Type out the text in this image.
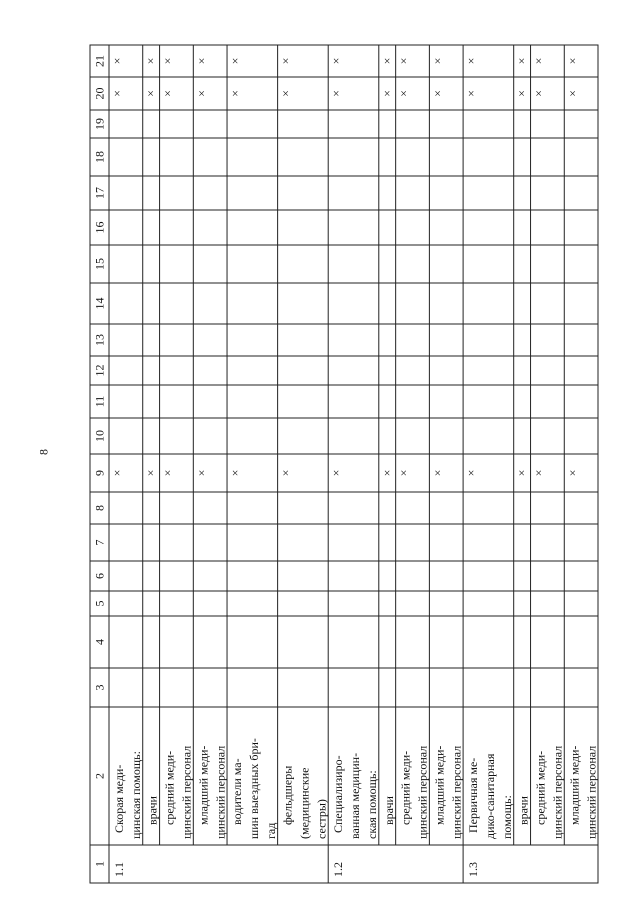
8
1
2
3
4
5
6
7
8
9
10
11
12
13
14
15
16
17
18
19
20
21
1.1
Скорая меди- цинская помощь:
×
×
×
врачи
×
×
×
средний меди- цинский персонал
×
×
×
младший меди- цинский персонал
×
×
×
водители ма- шин выездных бри- гад
×
×
×
фельдшеры (медицинские сестры)
×
×
×
1.2
Специализиро- ванная медицин- ская помощь:
×
×
×
врачи
×
×
×
средний меди- цинский персонал
×
×
×
младший меди- цинский персонал
×
×
×
1.3
Первичная ме- дико-санитарная помощь:
×
×
×
врачи
×
×
×
средний меди- цинский персонал
×
×
×
младший меди- цинский персонал
×
×
×
